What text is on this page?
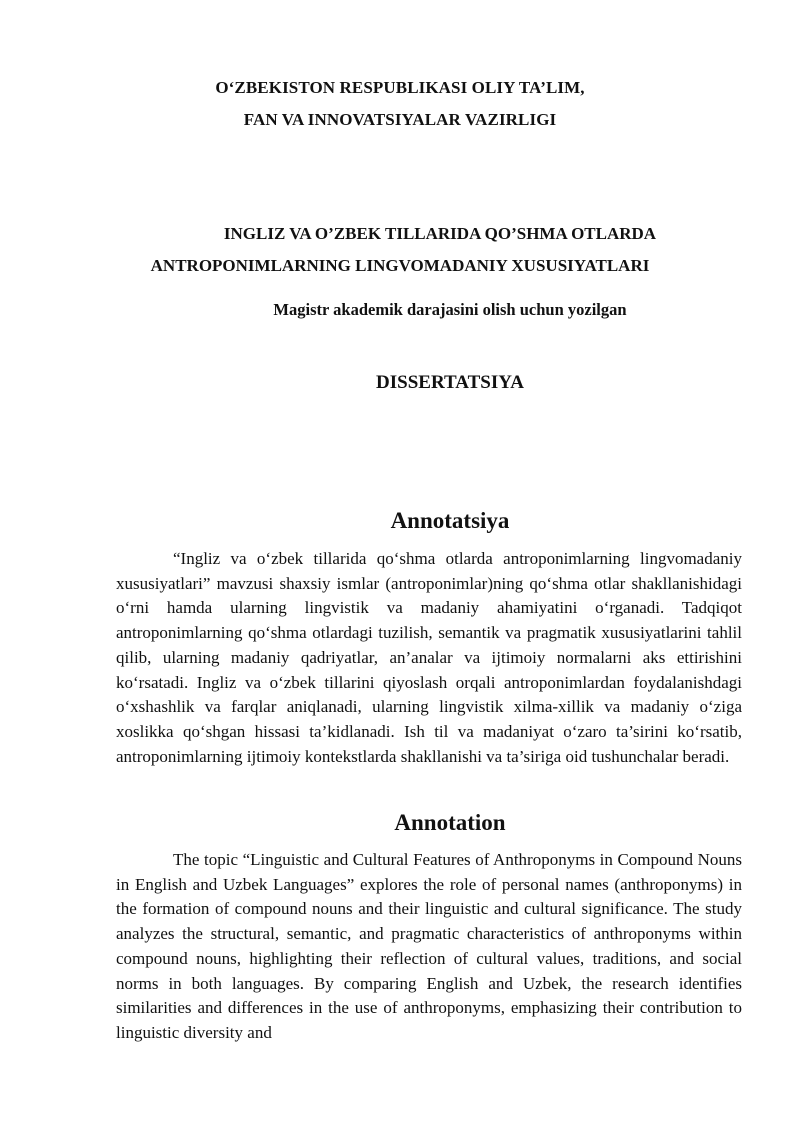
O‘ZBEKISTON RESPUBLIKASI OLIY TA’LIM,
FAN VA INNOVATSIYALAR VAZIRLIGI
INGLIZ VA O’ZBEK TILLARIDA QO’SHMA OTLARDA
ANTROPONIMLARNING LINGVOMADANIY XUSUSIYATLARI
Magistr akademik darajasini olish uchun yozilgan
DISSERTATSIYA
Annotatsiya

“Ingliz va o‘zbek tillarida qo‘shma otlarda antroponimlarning lingvomadaniy xususiyatlari” mavzusi shaxsiy ismlar (antroponimlar)ning qo‘shma otlar shakllanishidagi o‘rni hamda ularning lingvistik va madaniy ahamiyatini o‘rganadi. Tadqiqot antroponimlarning qo‘shma otlardagi tuzilish, semantik va pragmatik xususiyatlarini tahlil qilib, ularning madaniy qadriyatlar, an’analar va ijtimoiy normalarni aks ettirishini ko‘rsatadi. Ingliz va o‘zbek tillarini qiyoslash orqali antroponimlardan foydalanishdagi o‘xshashlik va farqlar aniqlanadi, ularning lingvistik xilma-xillik va madaniy o‘ziga xoslikka qo‘shgan hissasi ta’kidlanadi. Ish til va madaniyat o‘zaro ta’sirini ko‘rsatib, antroponimlarning ijtimoiy kontekstlarda shakllanishi va ta’siriga oid tushunchalar beradi.

Annotation

The topic “Linguistic and Cultural Features of Anthroponyms in Compound Nouns in English and Uzbek Languages” explores the role of personal names (anthroponyms) in the formation of compound nouns and their linguistic and cultural significance. The study analyzes the structural, semantic, and pragmatic characteristics of anthroponyms within compound nouns, highlighting their reflection of cultural values, traditions, and social norms in both languages. By comparing English and Uzbek, the research identifies similarities and differences in the use of anthroponyms, emphasizing their contribution to linguistic diversity and
